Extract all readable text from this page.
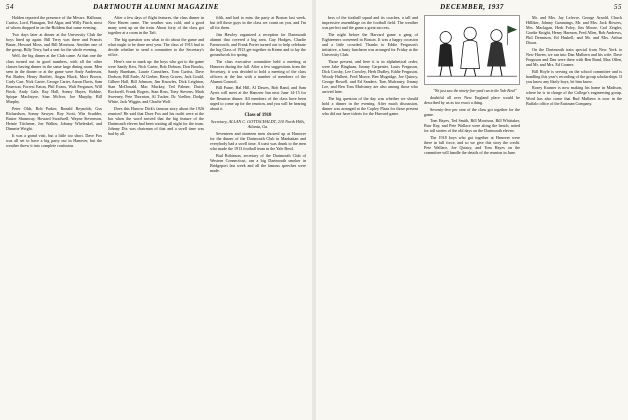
54	DARTMOUTH ALUMNI MAGAZINE

Holden reported the presence of the Messrs. Halloran, Curtiss, Lord, Flanagan, Ted Algar, and Willy Finch, most of whom dropped in on the Holdens that same evening.

Two days later at dinner at the University Club the boys lined up again. Bill Terry was there and Francis Bauer, Howard Moss, and Bill Morrison. Another one of the group, Billy Terry, had a seat for the whole evening.

Well, the big dinner at the Club came. At that one the class turned out in good numbers, with all the other classes having dinner in the same large dining room. Men seen in the dinner or at the game were Andy Anderson, Pat Barber, Henry Bartlett, Angus Black, Mort Brown, Curly Carr, Nick Carter, George Carter, Aaron Davis, Sam Emerson, Forrest Eaton, Phil Evans, Walt Ferguson, Will Finch, Andy Gale, Ray Hall, Sonny Hayes, Robbie, Spique MacIntyre, Stan McIvor, Joe Murphy, Bill Murphy.

Peter Olds, Bob Parker, Ronald Reynolds, Gus Richardson, Sonny Sawyer, Roy Scott, Win Scudder, Buster Shumway, Howard Swadwell, Wayne Stevenson, Heinie Titchener, Joe Walker, Johnny Whelenkel, and Dimmie Wright.

It was a grand visit, but a little too short. Dave Fox was all set to have a big party out in Hanover, but the weather threw it into complete confusion.

After a few days of flight features, the class dinner in New Haven came. The weather was cold, and a good many went up on the train. About forty of the class got together at a room in the Taft.

The big question was what to do about the game and what ought to be done next year. The class of 1913 had to decide whether to send a committee to the Secretary's office.

Here's one to mark up: the boys who got to the game were Sandy Kerr, Nick Carter, Bob Dobson, Don Brooks, Sandy Burnham, Laurie Carruthers, Tom Curtiss, Dave Dodson, Bill Earle, Al Gerber, Harry Graves, Jack Gould, Gilbert Hall, Bill Johnson, Jim Knowles, Dick Leighton, Stan McDonald, Mac Mackay, Ted Palmer, Dutch Rockwell, Frank Rogers, Stan Ross, Tony Stevens, Mark Sweeney, Pete Thornton, Al Tucker, Dr. Voelker, Dodge White, Jack Wiggin, and Charlie Wolf.

Does this Harrow Dick's famous story about the 1926 reunion? He said that Dave Fox and his outfit were at the bar when the word arrived that the big feature of the Dartmouth eleven had been waiting all night for the team. Johnny Dix was chairman of that and a swell time was had by all.

fifth, and had to miss the party at Boston last week, but tell those guys in the class we count on you, and I'm all for them.

Jim Hawley organized a reception for Dartmouth alumni that covered a big area. Guy Hodges, Charlie Farnsworth, and Frank Porter turned out to help celebrate the big Class of 1913 get-together in Keene and to lay the groundwork for spring.

The class executive committee held a meeting at Hanover during the fall. After a few suggestions from the Secretary, it was decided to hold a meeting of the class officers at the Inn with a number of members of the Alumni Council.

Bill Paine, Hal Hill, Al Dawes, Bob Rand, and Sam Ayres will meet at the Hanover Inn next June 14-15 for the Reunion dinner. All members of the class have been urged to come up for the reunion, and you will be hearing about it.

Class of 1918

Secretary, ALLAN C. GOTTSCHALDT, 210 North Hills, Atlanta, Ga.

Seventeen and nineteen men showed up at Hanover for the dinner of the Dartmouth Club in Manhattan and everybody had a swell time. A toast was drunk to the men who made the 1913 football team in the Yale Bowl.

Bud Robinson, secretary of the Dartmouth Club of Western Connecticut, ran a big Dartmouth smoker in Bridgeport last week and all the famous speeches were made.

DECEMBER, 1937	55

bers of the football squad and its coaches, a tall and impressive assemblage on the football field. The weather was perfect and the game a great success.

The night before the Harvard game a gang of Eighteeners convened in Boston. It was a happy occasion and a little crowded. Thanks to Eddie Ferguson's initiative, a hasty luncheon was arranged for Friday at the University Club.

Those present, and here it is in alphabetical order, were Jake Bingham, Jimmy Carpenter, Louis Ferguson, Dick Crosby, Lee Crowley, Herb Dudley, Eddie Ferguson, Woody Hulbert, Fred Moore, Ben Mugridge, Joe Quincy, George Rowell, and Ed Sanders. Tom Mulvaney, Jimmy Lee, and Ben Tom Mulvaney are also among those who arrived later.

The big question of the day was whether we should hold a dinner in the evening. After much discussion, dinner was arranged at the Copley Plaza for those present who did not have tickets for the Harvard game.

"We just saw the ninety-five-yard run in the Yale Bowl"

doubtful all over New England place would be described by us as too exact a thing.

Seventy-five per cent of the class got together for the game.

Tom Hayes, Ted Smith, Bill Morrison, Bill Whittaker, Burr Ray, and Pete Wallace were along the bench, noted for tall stories of the old days on the Dartmouth eleven.

The 1918 boys who got together at Hanover were there in full force, and so we give this story the credit. Pete Wallace, Joe Quincy, and Tom Hayes on the committee will handle the details of the reunion in June.

Mr. and Mrs. Jay Lefevre, George Arnold, Chuck Hilliker, Johnny Cummings, Mr. and Mrs. Jack Bowers, Mrs. Maclagan, Herb Foley, Jim Moore, Carl Zeigler, Gordie Knight, Henry Harmon, Fred Allen, Bob Andrews, Phil Dennison, Ed Haskell, and Mr. and Mrs. Arthur Dixon.

On the Dartmouth train special from New York to New Haven, we ran into Dan Mulhern and his wife. Dave Ferguson and Dan were there with Ben Rand, Max Ollen, and Mr. and Mrs. Ed Cramer.

Bill Hoyle is serving on the school committee and is handling this year's recording of the group scholarships. If you know any likely boys, let him know.

Rosey Kramer is now making his home in Madison, where he is in charge of the College's engineering group. Word has also come that Bud Mulhern is now in the Buffalo office of the Eastman Company.
